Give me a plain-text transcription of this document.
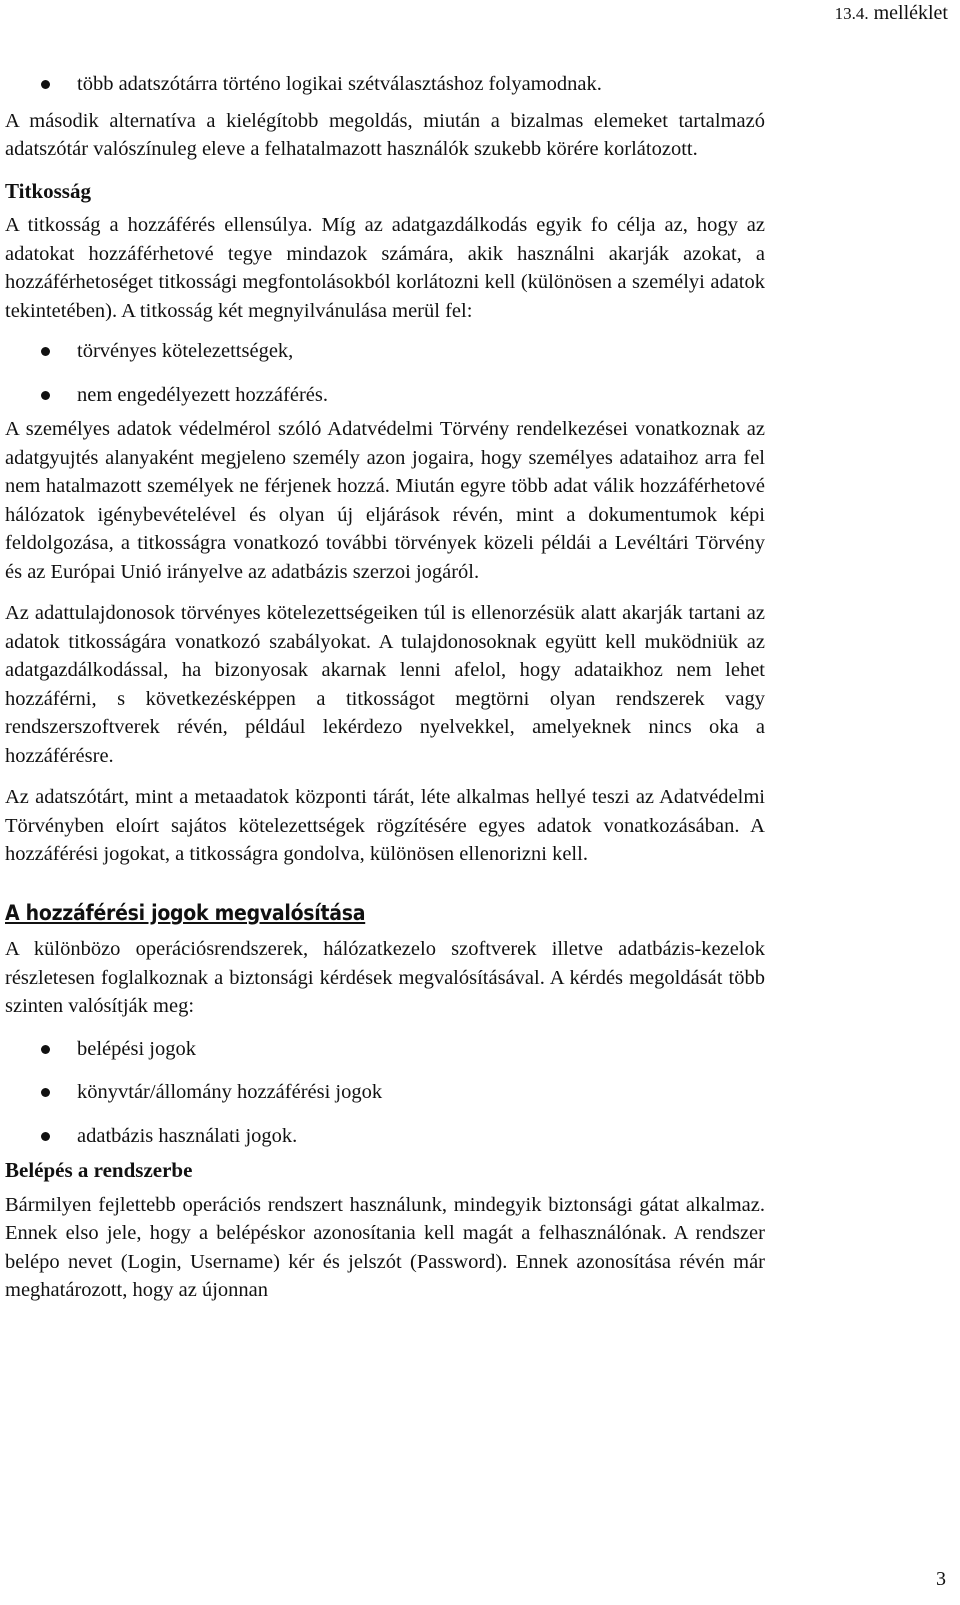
13.4. melléklet
több adatszótárra történo logikai szétválasztáshoz folyamodnak.

A második alternatíva a kielégítobb megoldás, miután a bizalmas elemeket tartalmazó adatszótár valószínuleg eleve a felhatalmazott használók szukebb körére korlátozott.

Titkosság

A titkosság a hozzáférés ellensúlya. Míg az adatgazdálkodás egyik fo célja az, hogy az adatokat hozzáférhetové tegye mindazok számára, akik használni akarják azokat, a hozzáférhetoséget titkossági megfontolásokból korlátozni kell (különösen a személyi adatok tekintetében). A titkosság két megnyilvánulása merül fel:

törvényes kötelezettségek,
nem engedélyezett hozzáférés.

A személyes adatok védelmérol szóló Adatvédelmi Törvény rendelkezései vonatkoznak az adatgyujtés alanyaként megjeleno személy azon jogaira, hogy személyes adataihoz arra fel nem hatalmazott személyek ne férjenek hozzá. Miután egyre több adat válik hozzáférhetové hálózatok igénybevételével és olyan új eljárások révén, mint a dokumentumok képi feldolgozása, a titkosságra vonatkozó további törvények közeli példái a Levéltári Törvény és az Európai Unió irányelve az adatbázis szerzoi jogáról.

Az adattulajdonosok törvényes kötelezettségeiken túl is ellenorzésük alatt akarják tartani az adatok titkosságára vonatkozó szabályokat. A tulajdonosoknak együtt kell muködniük az adatgazdálkodással, ha bizonyosak akarnak lenni afelol, hogy adataikhoz nem lehet hozzáférni, s következésképpen a titkosságot megtörni olyan rendszerek vagy rendszerszoftverek révén, például lekérdezo nyelvekkel, amelyeknek nincs oka a hozzáférésre.

Az adatszótárt, mint a metaadatok központi tárát, léte alkalmas hellyé teszi az Adatvédelmi Törvényben eloírt sajátos kötelezettségek rögzítésére egyes adatok vonatkozásában. A hozzáférési jogokat, a titkosságra gondolva, különösen ellenorizni kell.

A hozzáférési jogok megvalósítása

A különbözo operációsrendszerek, hálózatkezelo szoftverek illetve adatbázis-kezelok részletesen foglalkoznak a biztonsági kérdések megvalósításával. A kérdés megoldását több szinten valósítják meg:

belépési jogok
könyvtár/állomány hozzáférési jogok
adatbázis használati jogok.
Belépés a rendszerbe

Bármilyen fejlettebb operációs rendszert használunk, mindegyik biztonsági gátat alkalmaz. Ennek elso jele, hogy a belépéskor azonosítania kell magát a felhasználónak. A rendszer belépo nevet (Login, Username) kér és jelszót (Password). Ennek azonosítása révén már meghatározott, hogy az újonnan

3
